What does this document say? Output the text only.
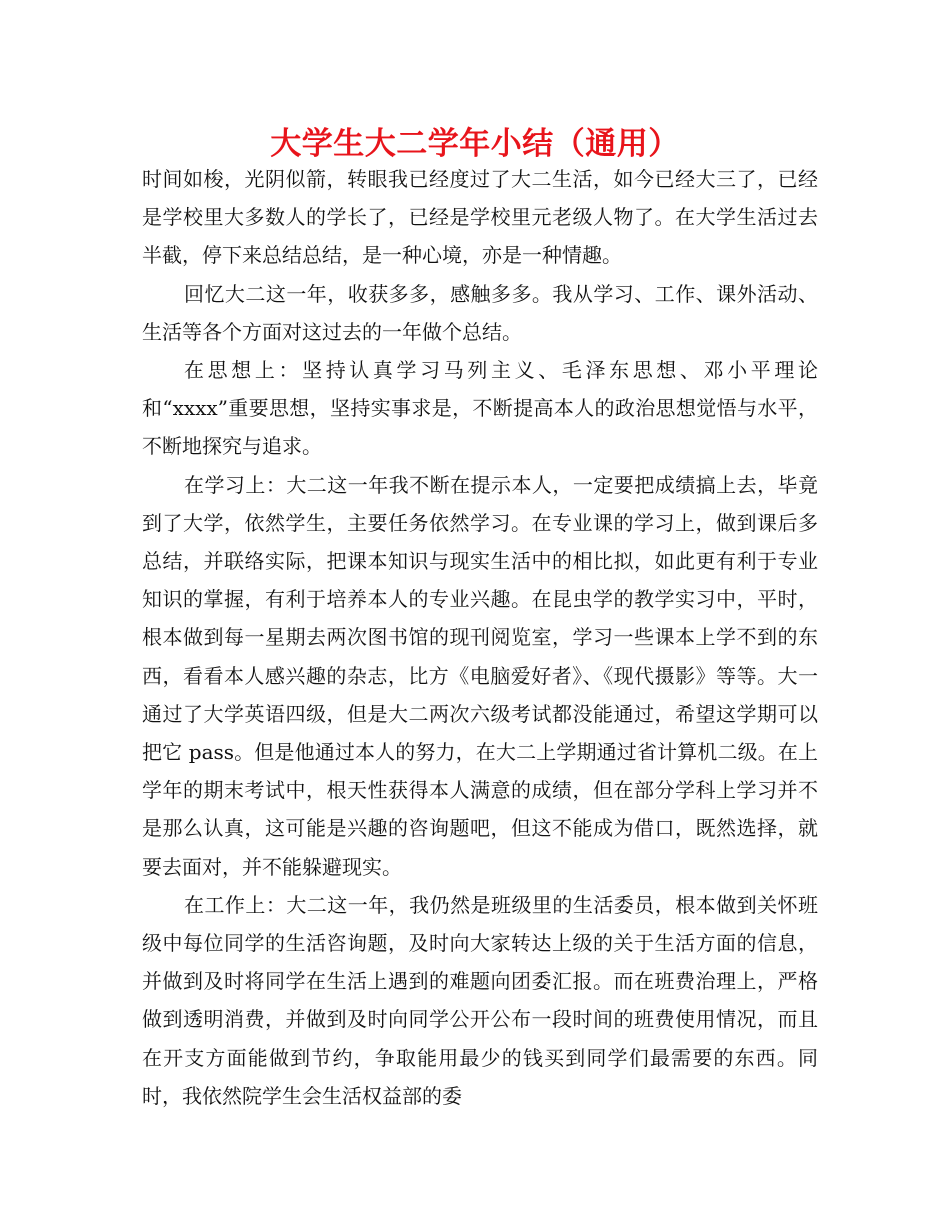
大学生大二学年小结（通用）

时间如梭，光阴似箭，转眼我已经度过了大二生活，如今已经大三了，已经是学校里大多数人的学长了，已经是学校里元老级人物了。在大学生活过去半截，停下来总结总结，是一种心境，亦是一种情趣。

回忆大二这一年，收获多多，感触多多。我从学习、工作、课外活动、生活等各个方面对这过去的一年做个总结。

在思想上：坚持认真学习马列主义、毛泽东思想、邓小平理论和“xxxx”重要思想，坚持实事求是，不断提高本人的政治思想觉悟与水平，不断地探究与追求。

在学习上：大二这一年我不断在提示本人，一定要把成绩搞上去，毕竟到了大学，依然学生，主要任务依然学习。在专业课的学习上，做到课后多总结，并联络实际，把课本知识与现实生活中的相比拟，如此更有利于专业知识的掌握，有利于培养本人的专业兴趣。在昆虫学的教学实习中，平时，根本做到每一星期去两次图书馆的现刊阅览室，学习一些课本上学不到的东西，看看本人感兴趣的杂志，比方《电脑爱好者》、《现代摄影》等等。大一通过了大学英语四级，但是大二两次六级考试都没能通过，希望这学期可以把它 pass。但是他通过本人的努力，在大二上学期通过省计算机二级。在上学年的期末考试中，根天性获得本人满意的成绩，但在部分学科上学习并不是那么认真，这可能是兴趣的咨询题吧，但这不能成为借口，既然选择，就要去面对，并不能躲避现实。

在工作上：大二这一年，我仍然是班级里的生活委员，根本做到关怀班级中每位同学的生活咨询题，及时向大家转达上级的关于生活方面的信息，并做到及时将同学在生活上遇到的难题向团委汇报。而在班费治理上，严格做到透明消费，并做到及时向同学公开公布一段时间的班费使用情况，而且在开支方面能做到节约，争取能用最少的钱买到同学们最需要的东西。同时，我依然院学生会生活权益部的委
